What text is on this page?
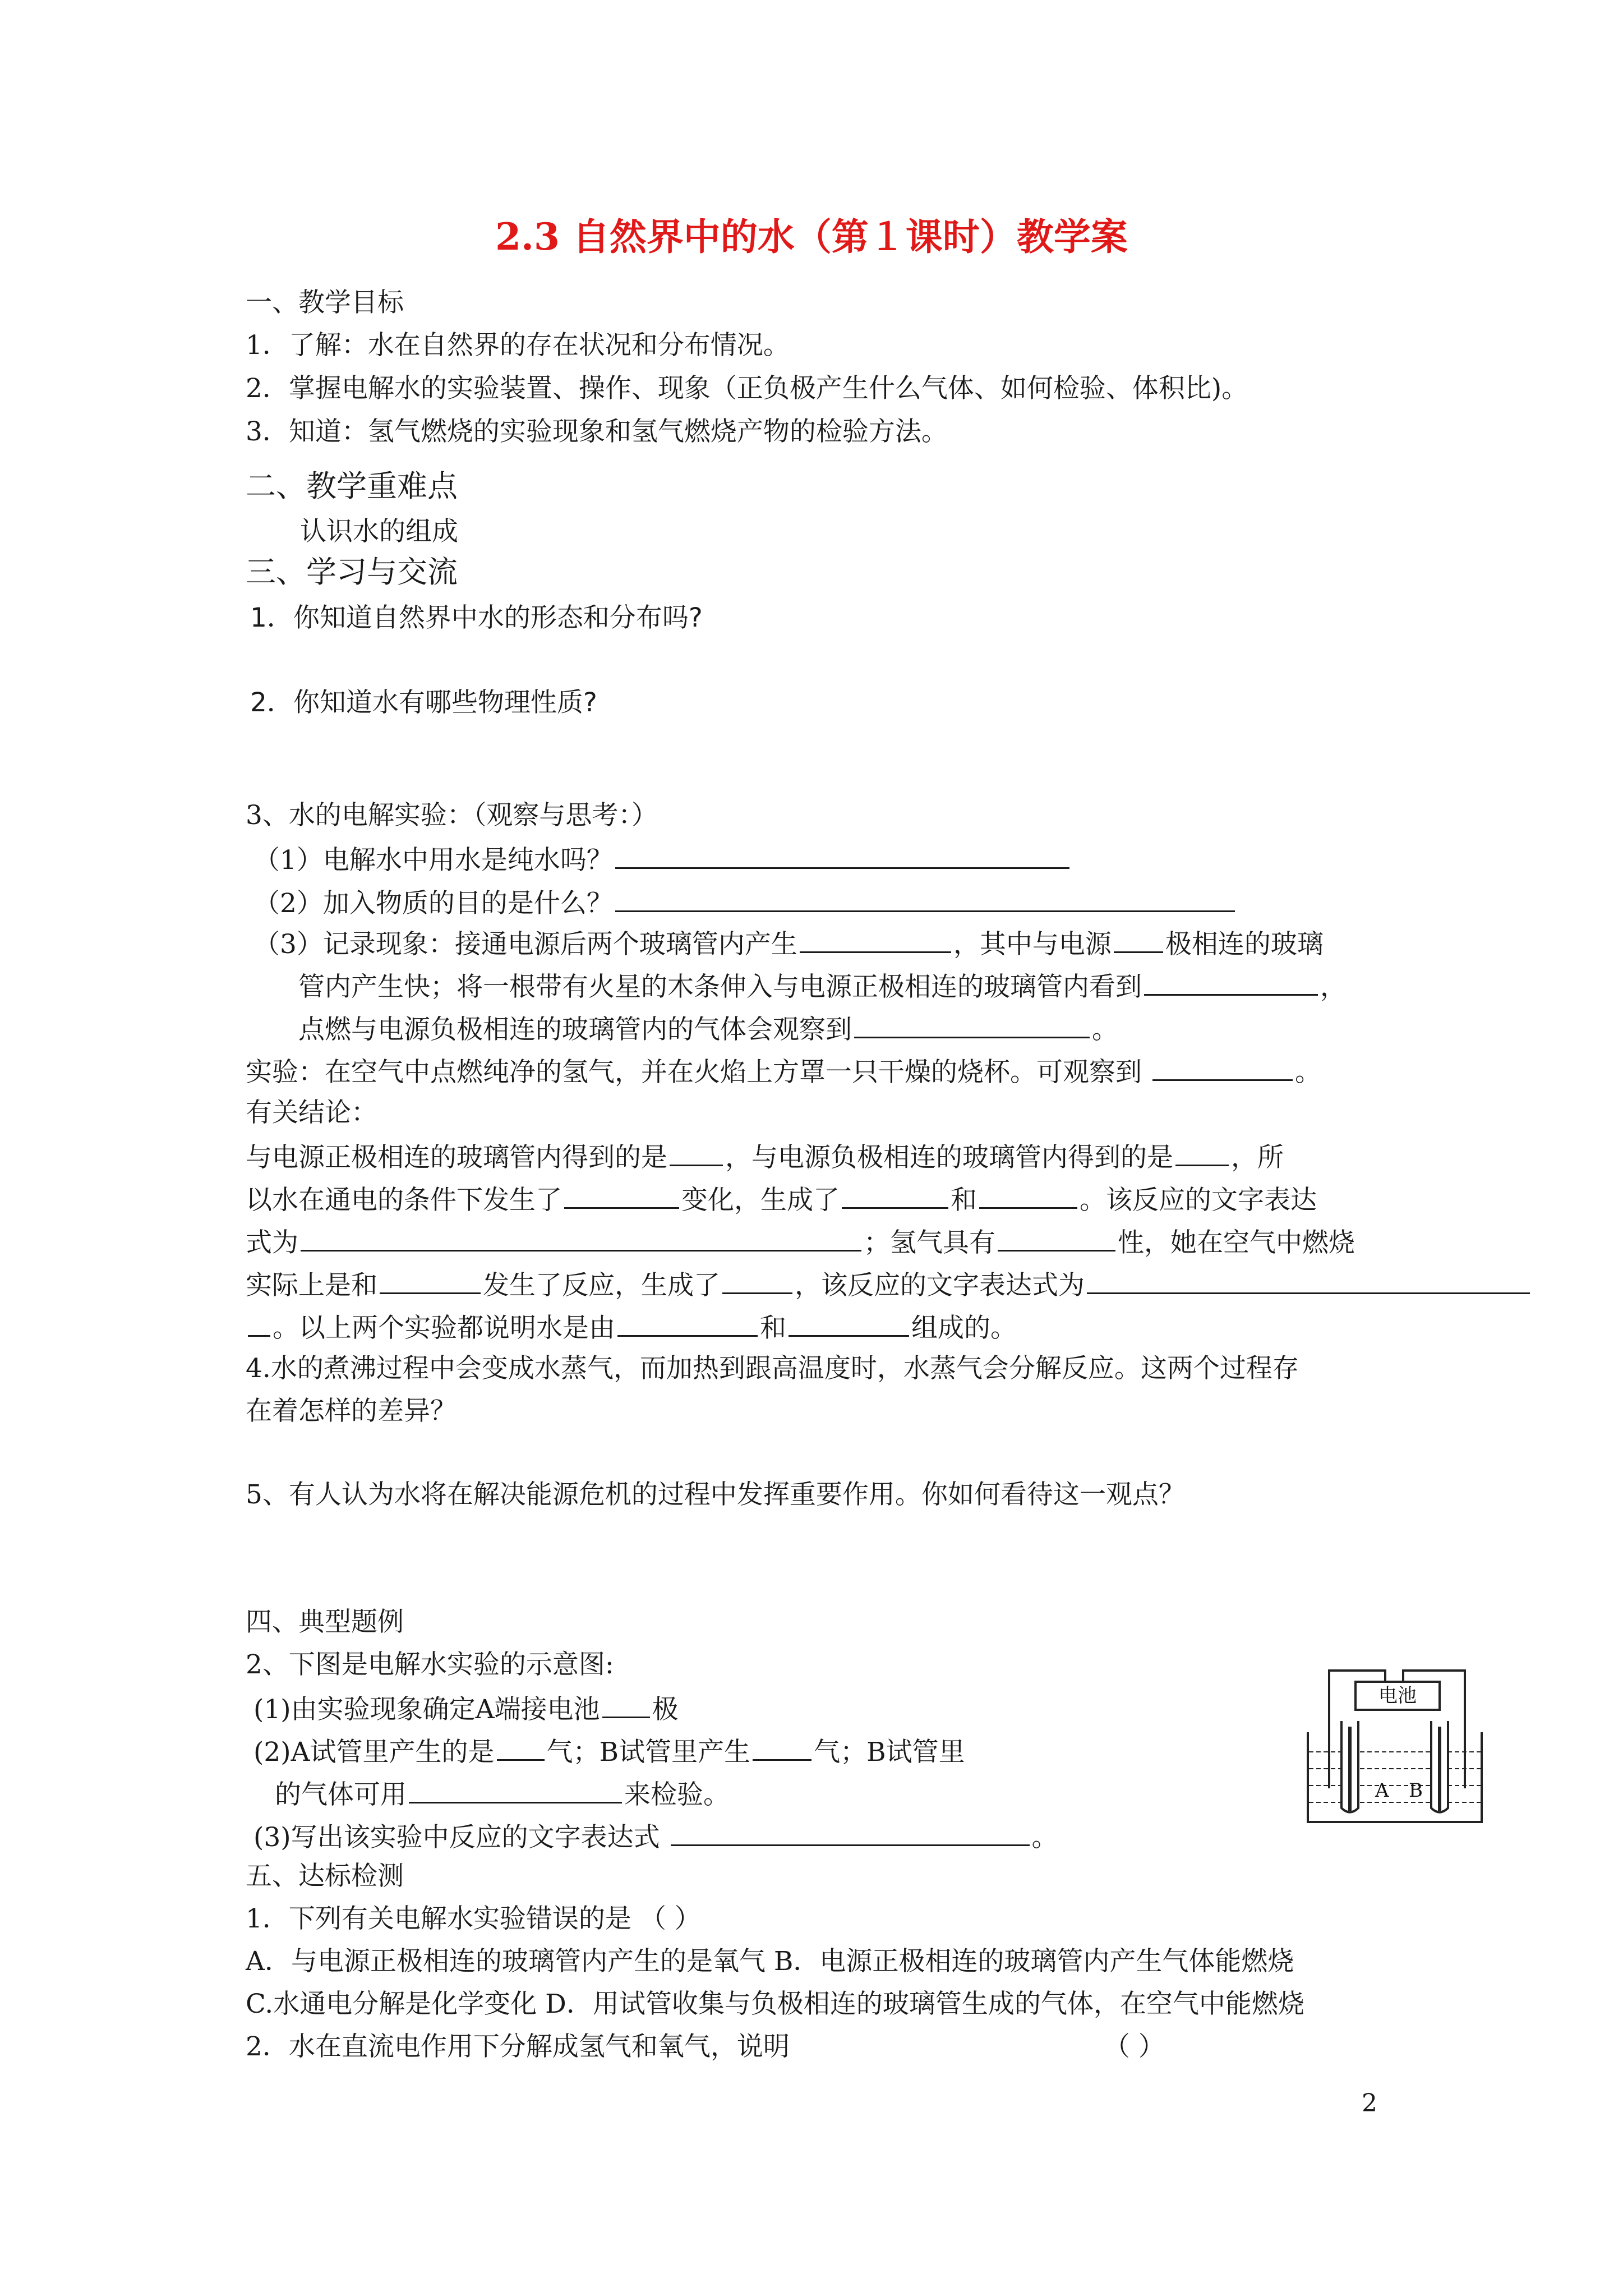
2.3 自然界中的水（第１课时）教学案
一、教学目标
1．了解：水在自然界的存在状况和分布情况。
2．掌握电解水的实验装置、操作、现象（正负极产生什么气体、如何检验、体积比)。
3．知道：氢气燃烧的实验现象和氢气燃烧产物的检验方法。
二、教学重难点
认识水的组成
三、学习与交流
1．你知道自然界中水的形态和分布吗?
2．你知道水有哪些物理性质?
3、水的电解实验：（观察与思考：）
（1）电解水中用水是纯水吗？
（2）加入物质的目的是什么？
（3）记录现象：接通电源后两个玻璃管内产生	，其中与电源 极相连的玻璃
管内产生快；将一根带有火星的木条伸入与电源正极相连的玻璃管内看到	，
点燃与电源负极相连的玻璃管内的气体会观察到	。
实验：在空气中点燃纯净的氢气，并在火焰上方罩一只干燥的烧杯。可观察到	。
有关结论：
与电源正极相连的玻璃管内得到的是 ，与电源负极相连的玻璃管内得到的是 ，所
以水在通电的条件下发生了	变化，生成了	和	。该反应的文字表达
式为	；氢气具有	性，她在空气中燃烧
实际上是和	发生了反应，生成了	，该反应的文字表达式为
。以上两个实验都说明水是由	和	组成的。
4.水的煮沸过程中会变成水蒸气，而加热到跟高温度时，水蒸气会分解反应。这两个过程存
在着怎样的差异？
5、有人认为水将在解决能源危机的过程中发挥重要作用。你如何看待这一观点？
四、典型题例
2、下图是电解水实验的示意图:
(1)由实验现象确定A端接电池 极
(2)A试管里产生的是 气；B试管里产生 气；B试管里
的气体可用	来检验。
(3)写出该实验中反应的文字表达式	。
电池
A B
五、达标检测
1．下列有关电解水实验错误的是 （ ）
A．与电源正极相连的玻璃管内产生的是氧气 B．电源正极相连的玻璃管内产生气体能燃烧
C.水通电分解是化学变化 D．用试管收集与负极相连的玻璃管生成的气体，在空气中能燃烧
2．水在直流电作用下分解成氢气和氧气，说明	（ ）
2
